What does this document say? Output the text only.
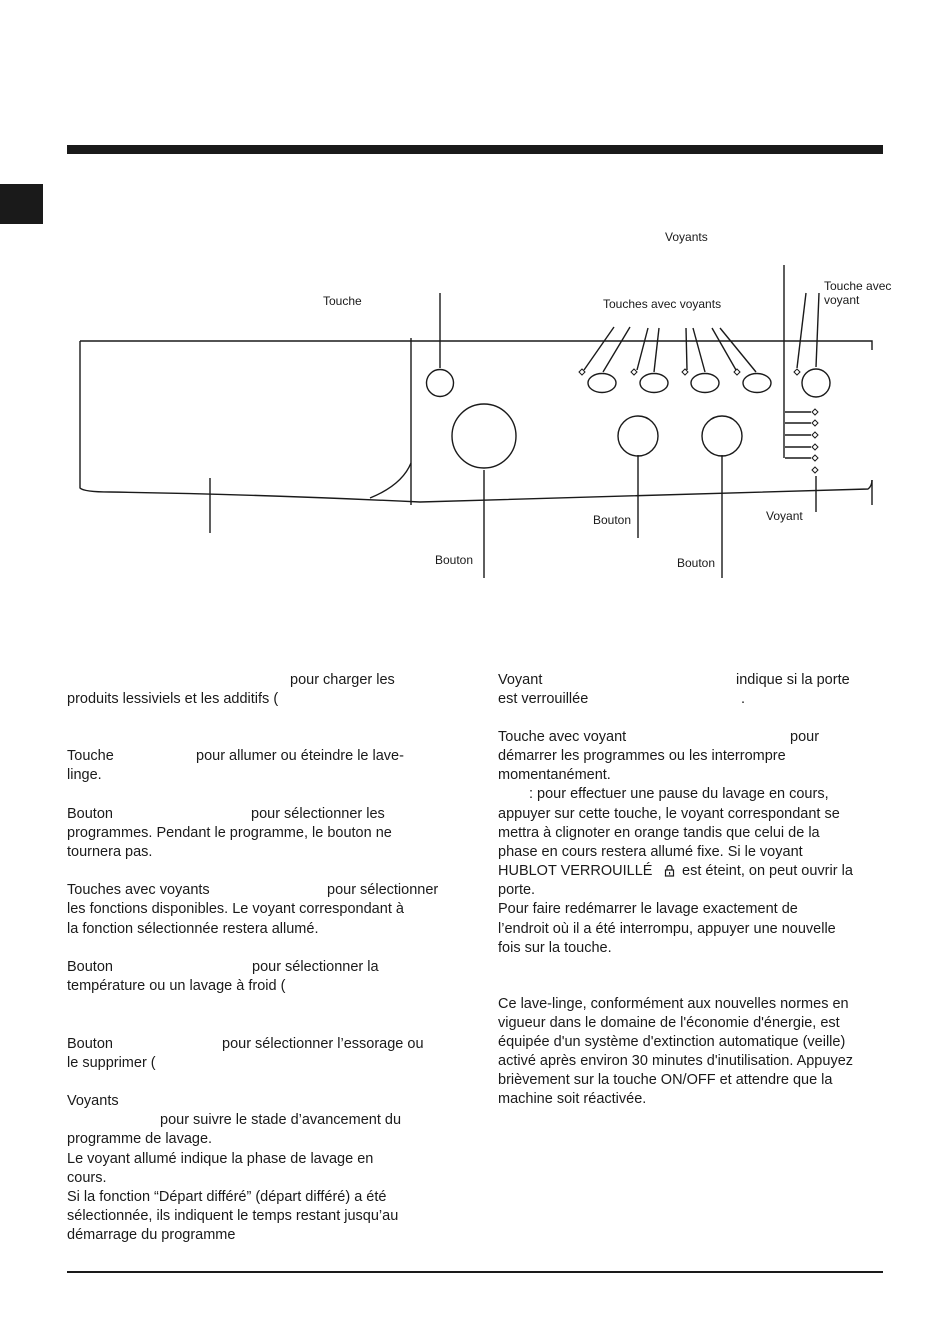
Voyants
Touche	Touches avec voyants
Touche avec
voyant
Bouton
Bouton	Bouton
Voyant
pour charger les
produits lessiviels et les additifs (
Touche	pour allumer ou éteindre le lave-
linge.
Bouton	pour sélectionner les
programmes. Pendant le programme, le bouton ne
tournera pas.
Touches avec voyants	pour sélectionner
les fonctions disponibles. Le voyant correspondant à
la fonction sélectionnée restera allumé.
Bouton	pour sélectionner la
température ou un lavage à froid (
Bouton	pour sélectionner l’essorage ou
le supprimer (
Voyants
pour suivre le stade d’avancement du
programme de lavage.
Le voyant allumé indique la phase de lavage en
cours.
Si la fonction “Départ différé” (départ différé) a été
sélectionnée, ils indiquent le temps restant jusqu’au
démarrage du programme
Voyant	indique si la porte
est verrouillée	.
Touche avec voyant	pour
démarrer les programmes ou les interrompre
momentanément.
: pour effectuer une pause du lavage en cours,
appuyer sur cette touche, le voyant correspondant se
mettra à clignoter en orange tandis que celui de la
phase en cours restera allumé fixe. Si le voyant
HUBLOT VERROUILLÉ est éteint, on peut ouvrir la
porte.
Pour faire redémarrer le lavage exactement de
l’endroit où il a été interrompu, appuyer une nouvelle
fois sur la touche.
Ce lave-linge, conformément aux nouvelles normes en
vigueur dans le domaine de l'économie d'énergie, est
équipée d'un système d'extinction automatique (veille)
activé après environ 30 minutes d'inutilisation. Appuyez
brièvement sur la touche ON/OFF et attendre que la
machine soit réactivée.
